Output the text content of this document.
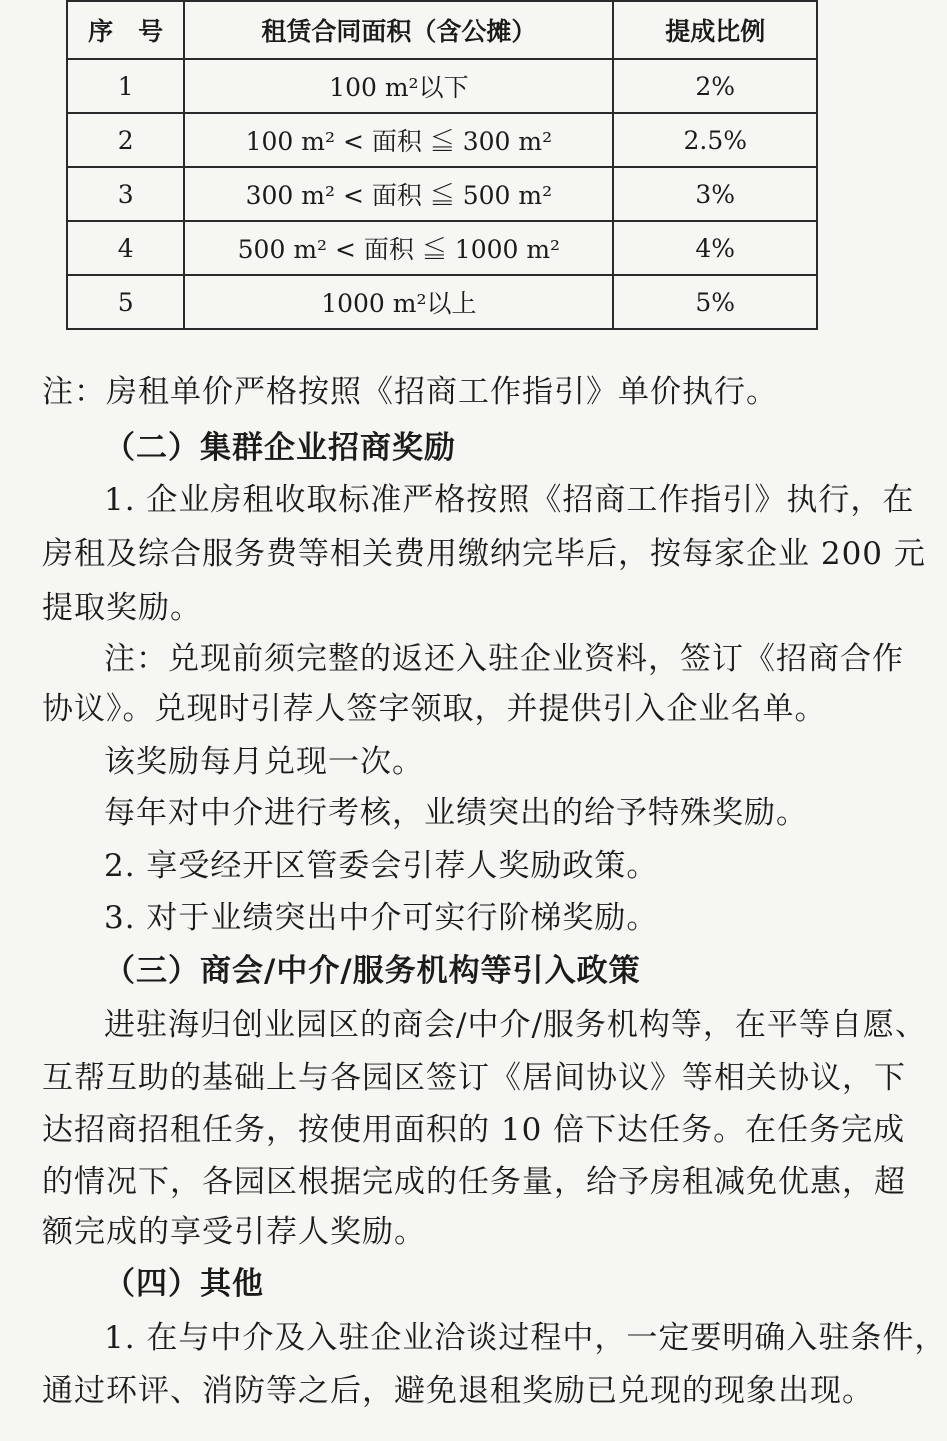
序　号	租赁合同面积（含公摊）	提成比例
1	100 m²以下	2%
2	100 m² < 面积 ≦ 300 m²	2.5%
3	300 m² < 面积 ≦ 500 m²	3%
4	500 m² < 面积 ≦ 1000 m²	4%
5	1000 m²以上	5%
注：房租单价严格按照《招商工作指引》单价执行。
（二）集群企业招商奖励
1. 企业房租收取标准严格按照《招商工作指引》执行，在
房租及综合服务费等相关费用缴纳完毕后，按每家企业 200 元
提取奖励。
注：兑现前须完整的返还入驻企业资料，签订《招商合作
协议》。兑现时引荐人签字领取，并提供引入企业名单。
该奖励每月兑现一次。
每年对中介进行考核，业绩突出的给予特殊奖励。
2. 享受经开区管委会引荐人奖励政策。
3. 对于业绩突出中介可实行阶梯奖励。
（三）商会/中介/服务机构等引入政策
进驻海归创业园区的商会/中介/服务机构等，在平等自愿、
互帮互助的基础上与各园区签订《居间协议》等相关协议，下
达招商招租任务，按使用面积的 10 倍下达任务。在任务完成
的情况下，各园区根据完成的任务量，给予房租减免优惠，超
额完成的享受引荐人奖励。
（四）其他
1. 在与中介及入驻企业洽谈过程中，一定要明确入驻条件，
通过环评、消防等之后，避免退租奖励已兑现的现象出现。
